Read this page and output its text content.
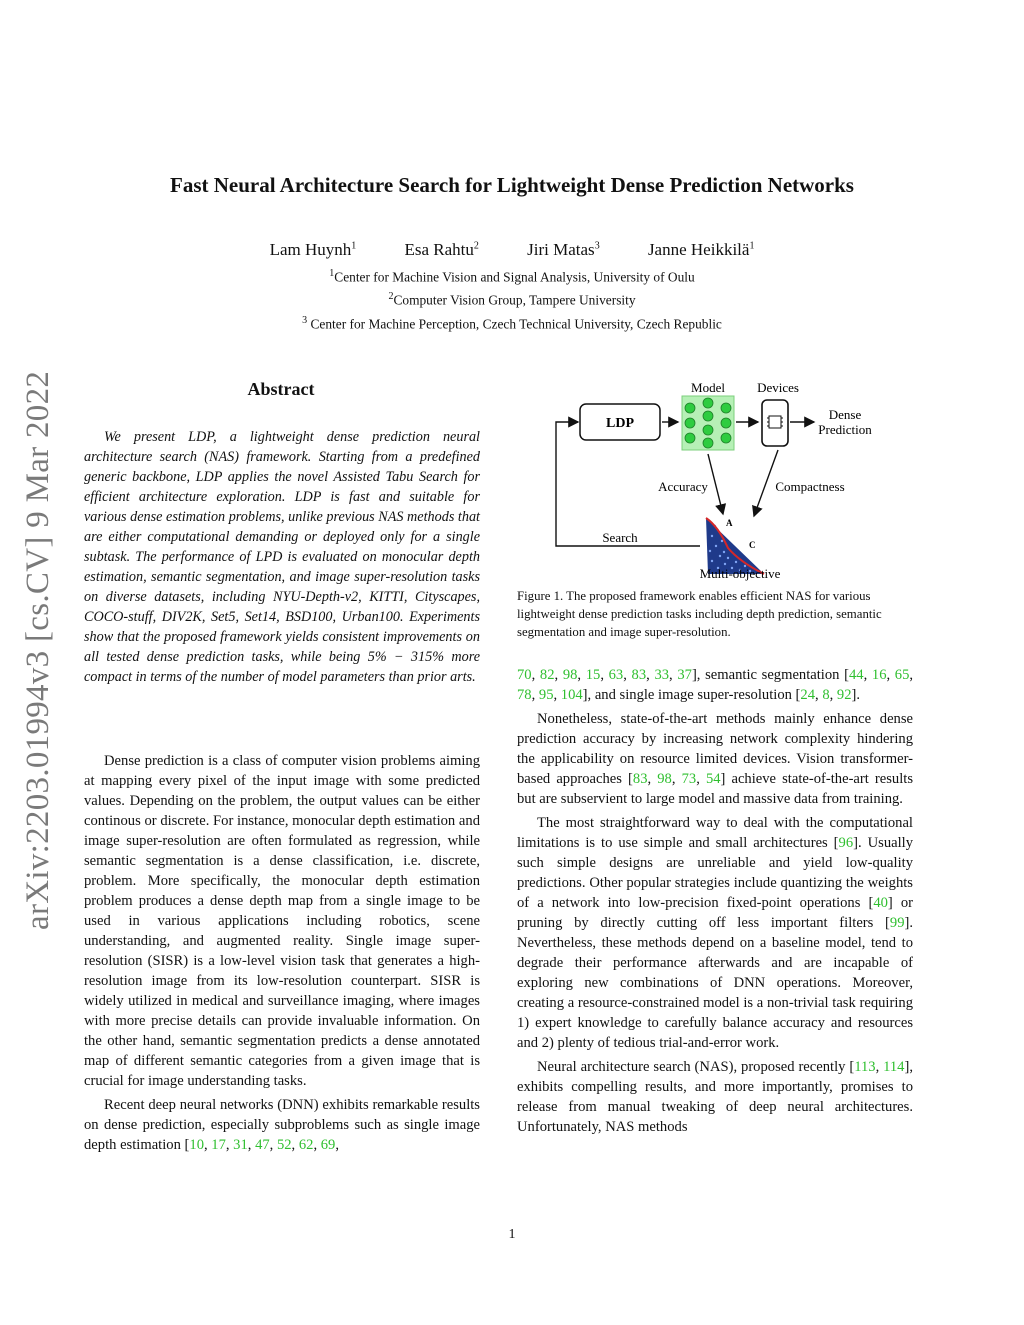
arXiv:2203.01994v3 [cs.CV] 9 Mar 2022
Fast Neural Architecture Search for Lightweight Dense Prediction Networks
Lam Huynh$^1$	Esa Rahtu$^2$	Jiri Matas$^3$	Janne Heikkilä$^1$
$^1$Center for Machine Vision and Signal Analysis, University of Oulu
$^2$Computer Vision Group, Tampere University
$^3$ Center for Machine Perception, Czech Technical University, Czech Republic
Abstract

We present LDP, a lightweight dense prediction neural architecture search (NAS) framework. Starting from a predefined generic backbone, LDP applies the novel Assisted Tabu Search for efficient architecture exploration. LDP is fast and suitable for various dense estimation problems, unlike previous NAS methods that are either computational demanding or deployed only for a single subtask. The performance of LPD is evaluated on monocular depth estimation, semantic segmentation, and image super-resolution tasks on diverse datasets, including NYU-Depth-v2, KITTI, Cityscapes, COCO-stuff, DIV2K, Set5, Set14, BSD100, Urban100. Experiments show that the proposed framework yields consistent improvements on all tested dense prediction tasks, while being 5% − 315% more compact in terms of the number of model parameters than prior arts.

Dense prediction is a class of computer vision problems aiming at mapping every pixel of the input image with some predicted values. Depending on the problem, the output values can be either continous or discrete. For instance, monocular depth estimation and image super-resolution are often formulated as regression, while semantic segmentation is a dense classification, i.e. discrete, problem. More specifically, the monocular depth estimation problem produces a dense depth map from a single image to be used in various applications including robotics, scene understanding, and augmented reality. Single image super-resolution (SISR) is a low-level vision task that generates a high-resolution image from its low-resolution counterpart. SISR is widely utilized in medical and surveillance imaging, where images with more precise details can provide invaluable information. On the other hand, semantic segmentation predicts a dense annotated map of different semantic categories from a given image that is crucial for image understanding tasks.

Recent deep neural networks (DNN) exhibits remarkable results on dense prediction, especially subproblems such as single image depth estimation [10, 17, 31, 47, 52, 62, 69,

Model Devices
LDP
Dense
Prediction
Accuracy	Compactness
A
C
Search
Multi-objective

Figure 1. The proposed framework enables efficient NAS for various lightweight dense prediction tasks including depth prediction, semantic segmentation and image super-resolution.

70, 82, 98, 15, 63, 83, 33, 37], semantic segmentation [44, 16, 65, 78, 95, 104], and single image super-resolution [24, 8, 92].

Nonetheless, state-of-the-art methods mainly enhance dense prediction accuracy by increasing network complexity hindering the applicability on resource limited devices. Vision transformer-based approaches [83, 98, 73, 54] achieve state-of-the-art results but are subservient to large model and massive data from training.

The most straightforward way to deal with the computational limitations is to use simple and small architectures [96]. Usually such simple designs are unreliable and yield low-quality predictions. Other popular strategies include quantizing the weights of a network into low-precision fixed-point operations [40] or pruning by directly cutting off less important filters [99]. Nevertheless, these methods depend on a baseline model, tend to degrade their performance afterwards and are incapable of exploring new combinations of DNN operations. Moreover, creating a resource-constrained model is a non-trivial task requiring 1) expert knowledge to carefully balance accuracy and resources and 2) plenty of tedious trial-and-error work.

Neural architecture search (NAS), proposed recently [113, 114], exhibits compelling results, and more importantly, promises to release from manual tweaking of deep neural architectures. Unfortunately, NAS methods

1
